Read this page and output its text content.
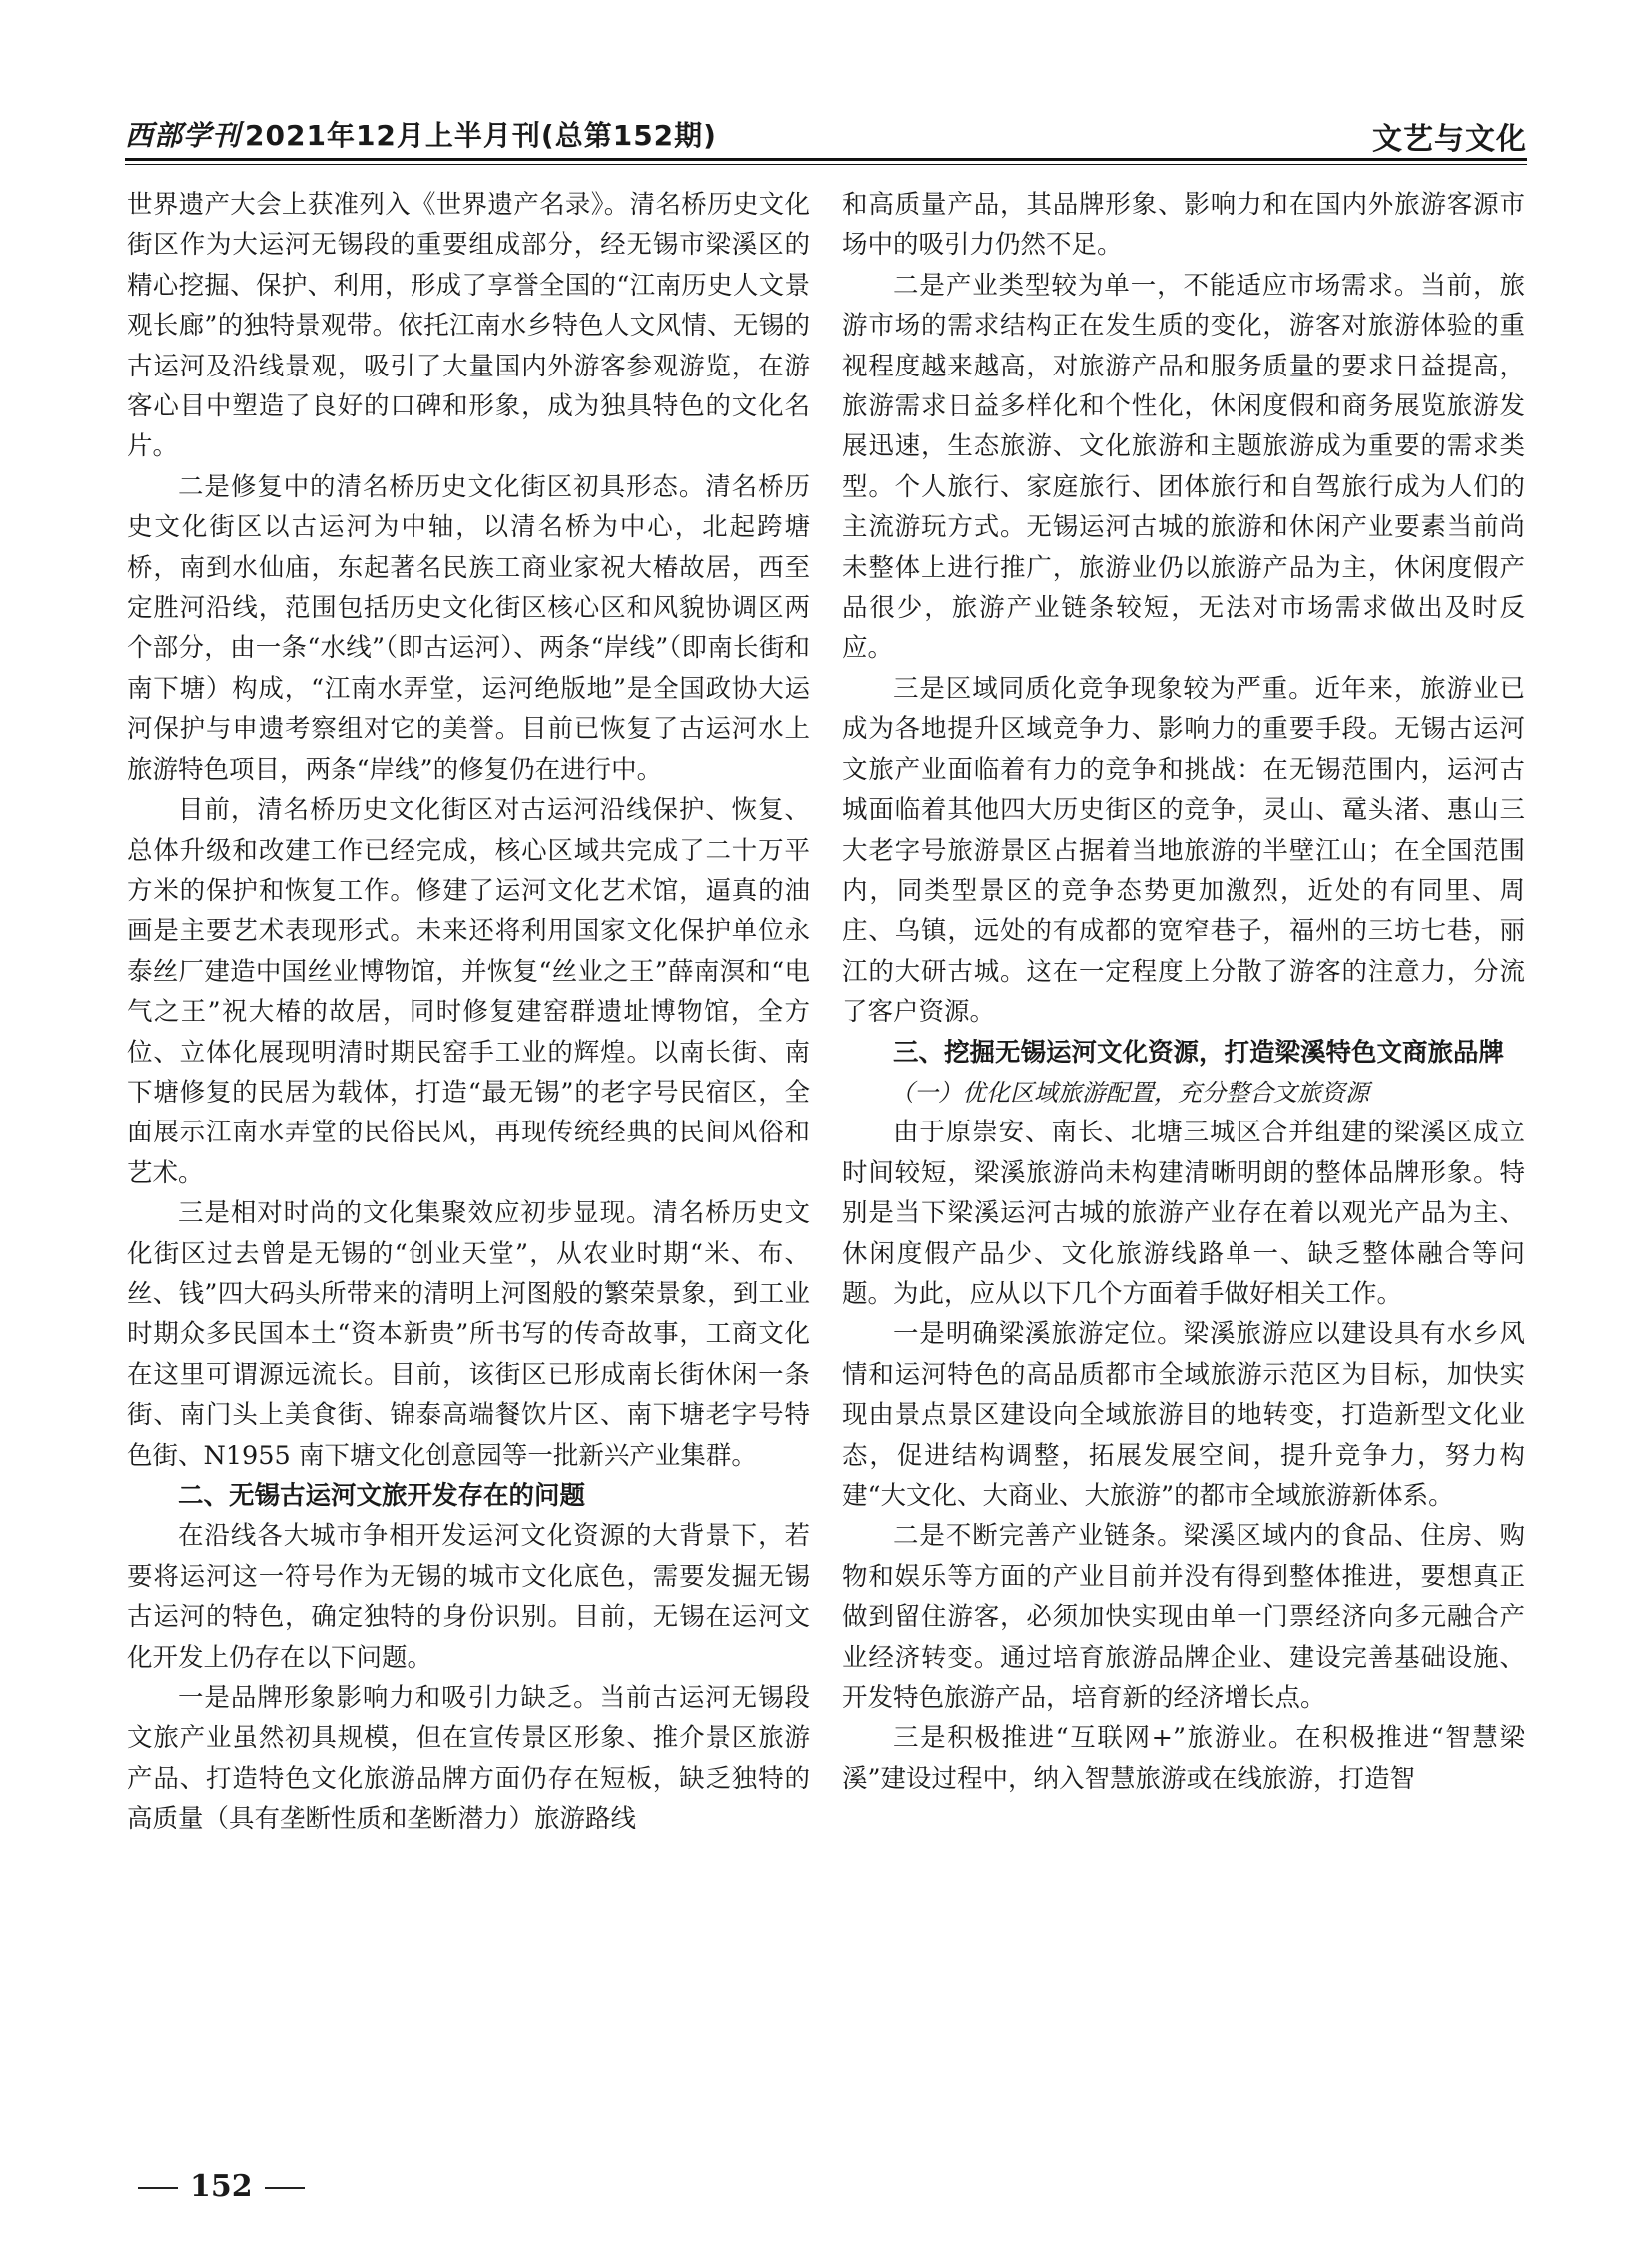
西部学刊 2021年12月上半月刊(总第152期)	文艺与文化

世界遗产大会上获准列入《世界遗产名录》。清名桥历史文化街区作为大运河无锡段的重要组成部分，经无锡市梁溪区的精心挖掘、保护、利用，形成了享誉全国的“江南历史人文景观长廊”的独特景观带。依托江南水乡特色人文风情、无锡的古运河及沿线景观，吸引了大量国内外游客参观游览，在游客心目中塑造了良好的口碑和形象，成为独具特色的文化名片。

二是修复中的清名桥历史文化街区初具形态。清名桥历史文化街区以古运河为中轴，以清名桥为中心，北起跨塘桥，南到水仙庙，东起著名民族工商业家祝大椿故居，西至定胜河沿线，范围包括历史文化街区核心区和风貌协调区两个部分，由一条“水线”（即古运河）、两条“岸线”（即南长街和南下塘）构成，“江南水弄堂，运河绝版地”是全国政协大运河保护与申遗考察组对它的美誉。目前已恢复了古运河水上旅游特色项目，两条“岸线”的修复仍在进行中。

目前，清名桥历史文化街区对古运河沿线保护、恢复、总体升级和改建工作已经完成，核心区域共完成了二十万平方米的保护和恢复工作。修建了运河文化艺术馆，逼真的油画是主要艺术表现形式。未来还将利用国家文化保护单位永泰丝厂建造中国丝业博物馆，并恢复“丝业之王”薛南溟和“电气之王”祝大椿的故居，同时修复建窑群遗址博物馆，全方位、立体化展现明清时期民窑手工业的辉煌。以南长街、南下塘修复的民居为载体，打造“最无锡”的老字号民宿区，全面展示江南水弄堂的民俗民风，再现传统经典的民间风俗和艺术。

三是相对时尚的文化集聚效应初步显现。清名桥历史文化街区过去曾是无锡的“创业天堂”，从农业时期“米、布、丝、钱”四大码头所带来的清明上河图般的繁荣景象，到工业时期众多民国本土“资本新贵”所书写的传奇故事，工商文化在这里可谓源远流长。目前，该街区已形成南长街休闲一条街、南门头上美食街、锦泰高端餐饮片区、南下塘老字号特色街、N1955 南下塘文化创意园等一批新兴产业集群。

二、无锡古运河文旅开发存在的问题

在沿线各大城市争相开发运河文化资源的大背景下，若要将运河这一符号作为无锡的城市文化底色，需要发掘无锡古运河的特色，确定独特的身份识别。目前，无锡在运河文化开发上仍存在以下问题。

一是品牌形象影响力和吸引力缺乏。当前古运河无锡段文旅产业虽然初具规模，但在宣传景区形象、推介景区旅游产品、打造特色文化旅游品牌方面仍存在短板，缺乏独特的高质量（具有垄断性质和垄断潜力）旅游路线

和高质量产品，其品牌形象、影响力和在国内外旅游客源市场中的吸引力仍然不足。

二是产业类型较为单一，不能适应市场需求。当前，旅游市场的需求结构正在发生质的变化，游客对旅游体验的重视程度越来越高，对旅游产品和服务质量的要求日益提高，旅游需求日益多样化和个性化，休闲度假和商务展览旅游发展迅速，生态旅游、文化旅游和主题旅游成为重要的需求类型。个人旅行、家庭旅行、团体旅行和自驾旅行成为人们的主流游玩方式。无锡运河古城的旅游和休闲产业要素当前尚未整体上进行推广，旅游业仍以旅游产品为主，休闲度假产品很少，旅游产业链条较短，无法对市场需求做出及时反应。

三是区域同质化竞争现象较为严重。近年来，旅游业已成为各地提升区域竞争力、影响力的重要手段。无锡古运河文旅产业面临着有力的竞争和挑战：在无锡范围内，运河古城面临着其他四大历史街区的竞争，灵山、鼋头渚、惠山三大老字号旅游景区占据着当地旅游的半壁江山；在全国范围内，同类型景区的竞争态势更加激烈，近处的有同里、周庄、乌镇，远处的有成都的宽窄巷子，福州的三坊七巷，丽江的大研古城。这在一定程度上分散了游客的注意力，分流了客户资源。

三、挖掘无锡运河文化资源，打造梁溪特色文商旅品牌
（一）优化区域旅游配置，充分整合文旅资源

由于原崇安、南长、北塘三城区合并组建的梁溪区成立时间较短，梁溪旅游尚未构建清晰明朗的整体品牌形象。特别是当下梁溪运河古城的旅游产业存在着以观光产品为主、休闲度假产品少、文化旅游线路单一、缺乏整体融合等问题。为此，应从以下几个方面着手做好相关工作。

一是明确梁溪旅游定位。梁溪旅游应以建设具有水乡风情和运河特色的高品质都市全域旅游示范区为目标，加快实现由景点景区建设向全域旅游目的地转变，打造新型文化业态，促进结构调整，拓展发展空间，提升竞争力，努力构建“大文化、大商业、大旅游”的都市全域旅游新体系。

二是不断完善产业链条。梁溪区域内的食品、住房、购物和娱乐等方面的产业目前并没有得到整体推进，要想真正做到留住游客，必须加快实现由单一门票经济向多元融合产业经济转变。通过培育旅游品牌企业、建设完善基础设施、开发特色旅游产品，培育新的经济增长点。

三是积极推进“互联网+”旅游业。在积极推进“智慧梁溪”建设过程中，纳入智慧旅游或在线旅游，打造智

152
